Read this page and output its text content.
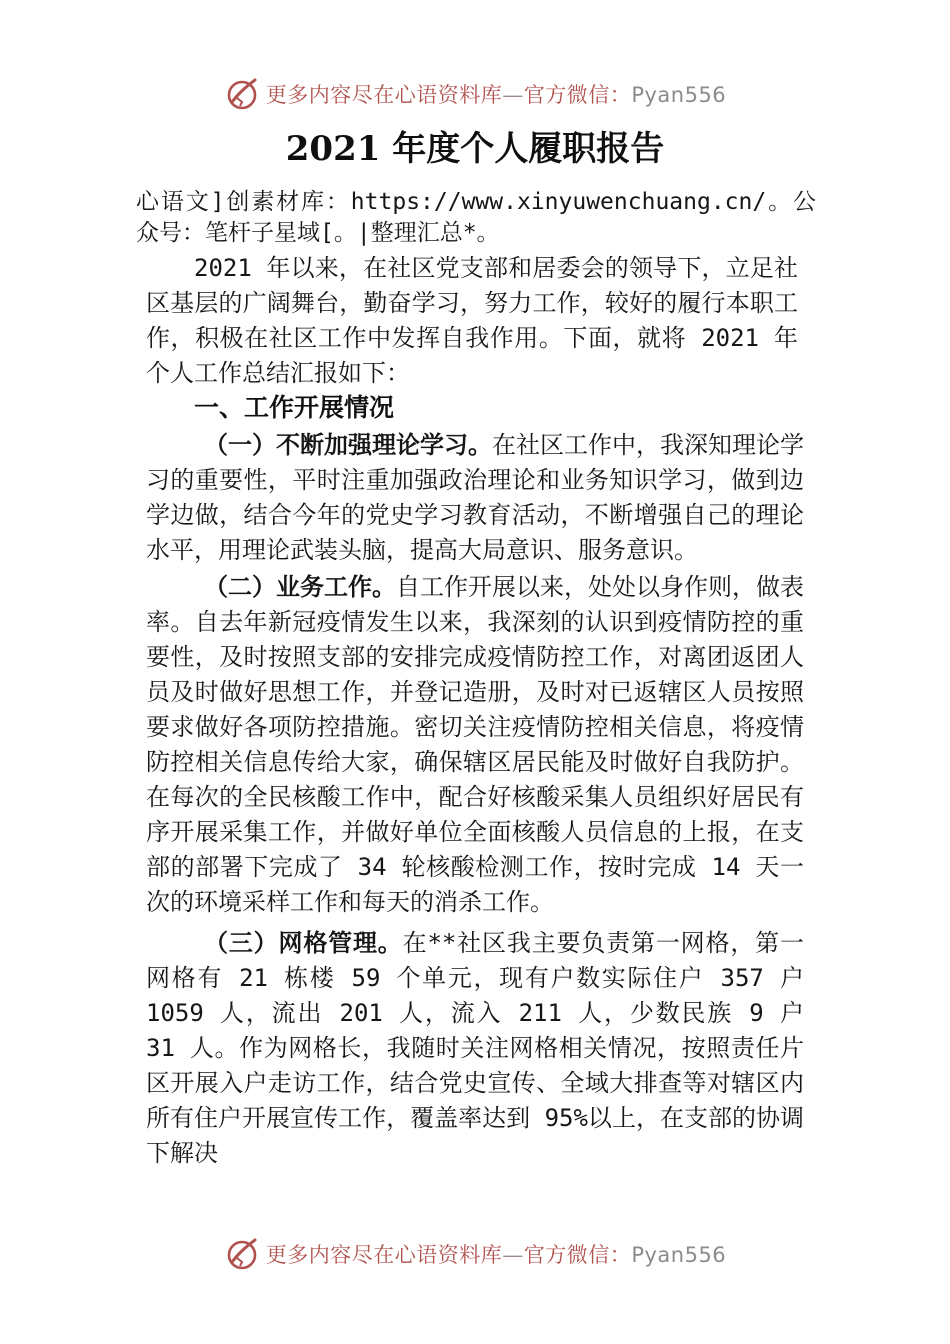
更多内容尽在心语资料库—官方微信：Pyan556
2021 年度个人履职报告

心语文]创素材库：https://www.xinyuwenchuang.cn/。公众号：笔杆子星域[。|整理汇总*。

2021 年以来，在社区党支部和居委会的领导下，立足社区基层的广阔舞台，勤奋学习，努力工作，较好的履行本职工作，积极在社区工作中发挥自我作用。下面，就将 2021 年个人工作总结汇报如下：

一、工作开展情况

（一）不断加强理论学习。在社区工作中，我深知理论学习的重要性，平时注重加强政治理论和业务知识学习，做到边学边做，结合今年的党史学习教育活动，不断增强自己的理论水平，用理论武装头脑，提高大局意识、服务意识。

（二）业务工作。自工作开展以来，处处以身作则，做表率。自去年新冠疫情发生以来，我深刻的认识到疫情防控的重要性，及时按照支部的安排完成疫情防控工作，对离团返团人员及时做好思想工作，并登记造册，及时对已返辖区人员按照要求做好各项防控措施。密切关注疫情防控相关信息，将疫情防控相关信息传给大家，确保辖区居民能及时做好自我防护。在每次的全民核酸工作中，配合好核酸采集人员组织好居民有序开展采集工作，并做好单位全面核酸人员信息的上报，在支部的部署下完成了 34 轮核酸检测工作，按时完成 14 天一次的环境采样工作和每天的消杀工作。

（三）网格管理。在**社区我主要负责第一网格，第一网格有 21 栋楼 59 个单元，现有户数实际住户 357 户 1059 人，流出 201 人，流入 211 人，少数民族 9 户 31 人。作为网格长，我随时关注网格相关情况，按照责任片区开展入户走访工作，结合党史宣传、全域大排查等对辖区内所有住户开展宣传工作，覆盖率达到 95%以上，在支部的协调下解决

更多内容尽在心语资料库—官方微信：Pyan556
